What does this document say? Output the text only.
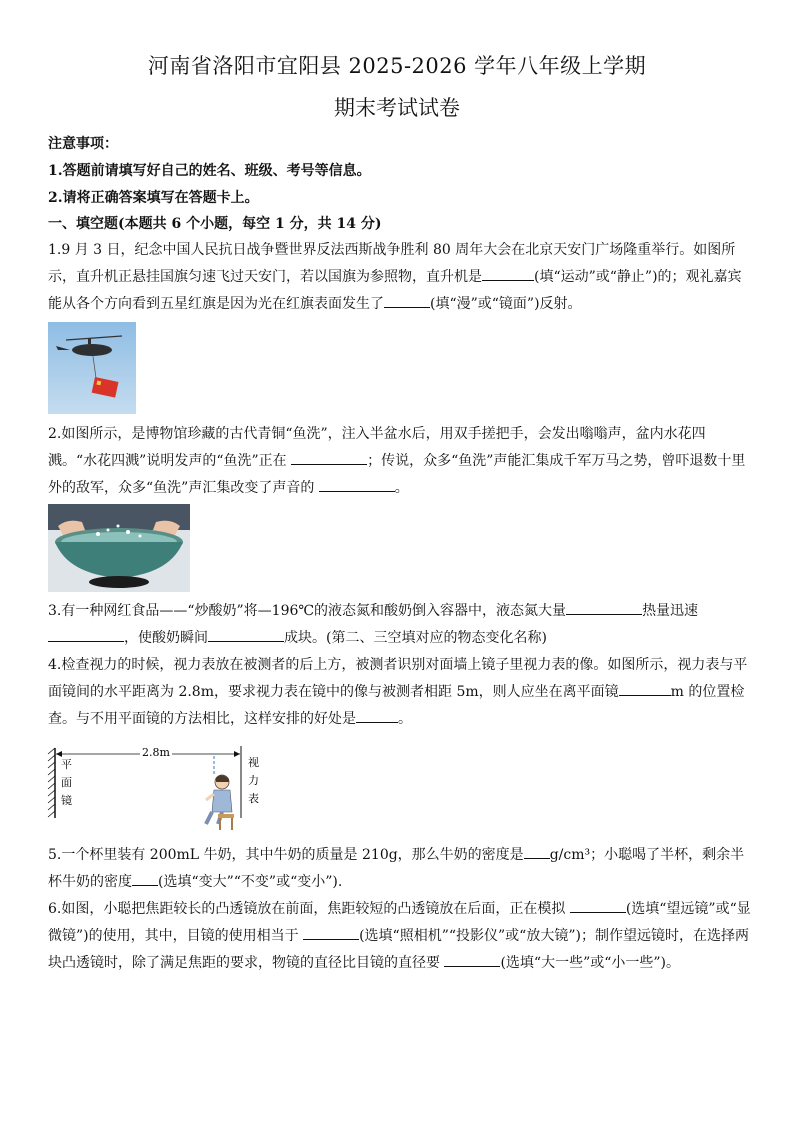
河南省洛阳市宜阳县 2025-2026 学年八年级上学期
期末考试试卷
注意事项：
1.答题前请填写好自己的姓名、班级、考号等信息。
2.请将正确答案填写在答题卡上。
一、填空题(本题共 6 个小题，每空 1 分，共 14 分)
1.9 月 3 日，纪念中国人民抗日战争暨世界反法西斯战争胜利 80 周年大会在北京天安门广场隆重举行。如图所示，直升机正悬挂国旗匀速飞过天安门，若以国旗为参照物，直升机是	(填“运动”或“静止”)的；观礼嘉宾能从各个方向看到五星红旗是因为光在红旗表面发生了	(填“漫”或“镜面”)反射。
2.如图所示，是博物馆珍藏的古代青铜“鱼洗”，注入半盆水后，用双手搓把手，会发出嗡嗡声，盆内水花四溅。“水花四溅”说明发声的“鱼洗”正在	；传说，众多“鱼洗”声能汇集成千军万马之势，曾吓退数十里外的敌军，众多“鱼洗”声汇集改变了声音的	。
3.有一种网红食品——“炒酸奶”将—196℃的液态氮和酸奶倒入容器中，液态氮大量	热量迅速 ，使酸奶瞬间	成块。(第二、三空填对应的物态变化名称)
4.检查视力的时候，视力表放在被测者的后上方，被测者识别对面墙上镜子里视力表的像。如图所示，视力表与平面镜间的水平距离为 2.8m，要求视力表在镜中的像与被测者相距 5m，则人应坐在离平面镜	m 的位置检查。与不用平面镜的方法相比，这样安排的好处是	。
2.8m
视
力
表
平
面
镜
5.一个杯里装有 200mL 牛奶，其中牛奶的质量是 210g，那么牛奶的密度是 g/cm³；小聪喝了半杯，剩余半杯牛奶的密度 (选填“变大”“不变”或“变小”).
6.如图，小聪把焦距较长的凸透镜放在前面，焦距较短的凸透镜放在后面，正在模拟	(选填“望远镜”或“显微镜”)的使用，其中，目镜的使用相当于	(选填“照相机”“投影仪”或“放大镜”)；制作望远镜时，在选择两块凸透镜时，除了满足焦距的要求，物镜的直径比目镜的直径要	(选填“大一些”或“小一些”)。
